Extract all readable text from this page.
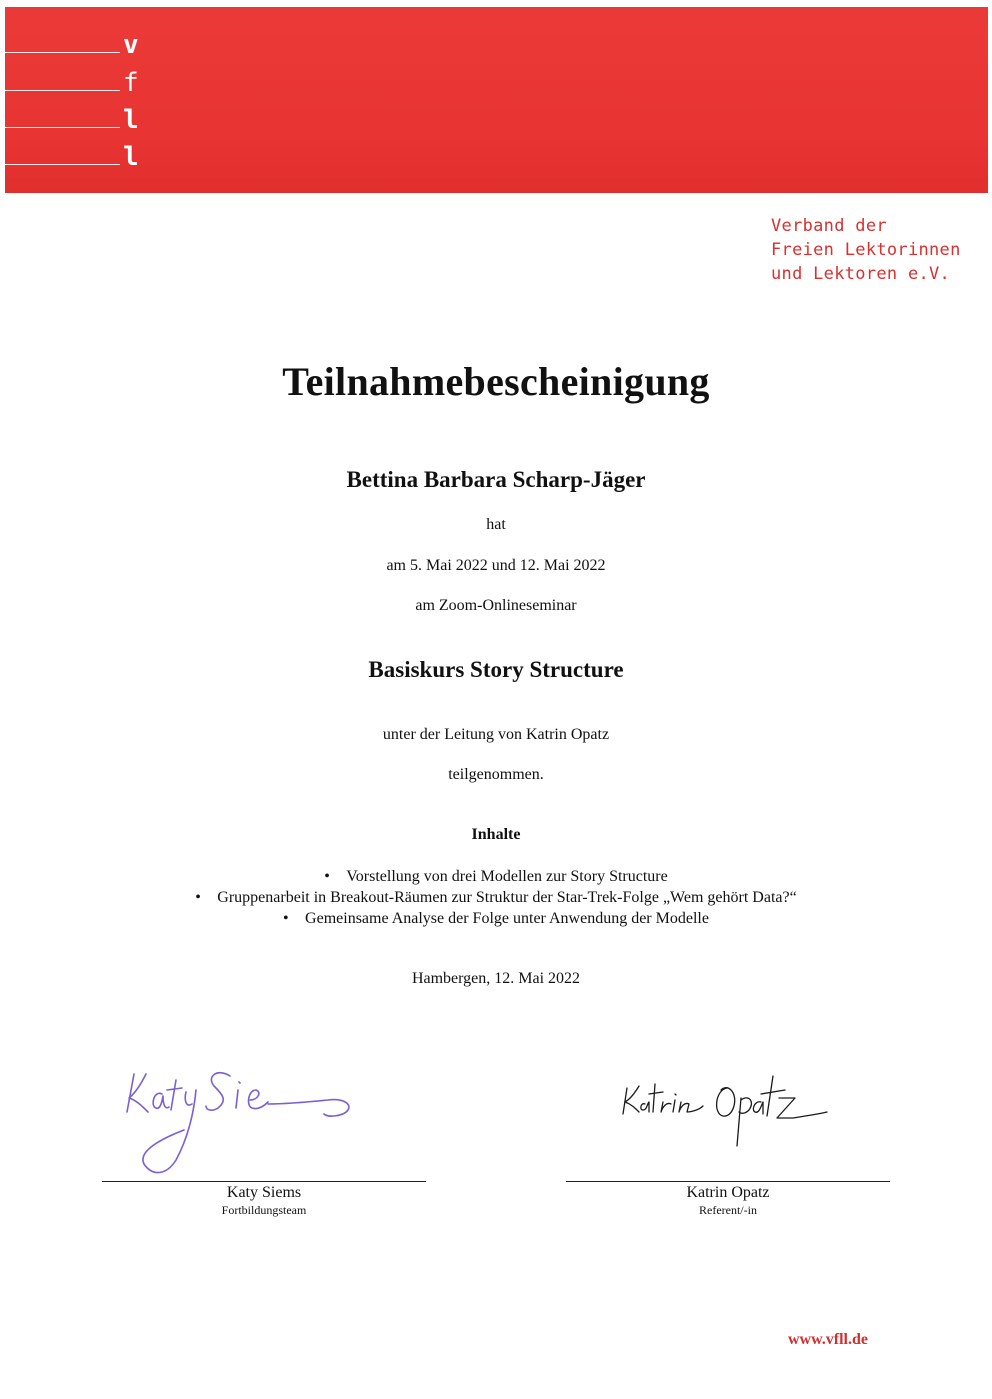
v
f
l
l
Verband der
Freien Lektorinnen
und Lektoren e.V.
Teilnahmebescheinigung
Bettina Barbara Scharp-Jäger
hat
am 5. Mai 2022 und 12. Mai 2022
am Zoom-Onlineseminar
Basiskurs Story Structure
unter der Leitung von Katrin Opatz
teilgenommen.
Inhalte
• Vorstellung von drei Modellen zur Story Structure
• Gruppenarbeit in Breakout-Räumen zur Struktur der Star-Trek-Folge „Wem gehört Data?“
• Gemeinsame Analyse der Folge unter Anwendung der Modelle
Hambergen, 12. Mai 2022
Katy Siems
Fortbildungsteam
Katrin Opatz
Referent/-in
www.vfll.de
